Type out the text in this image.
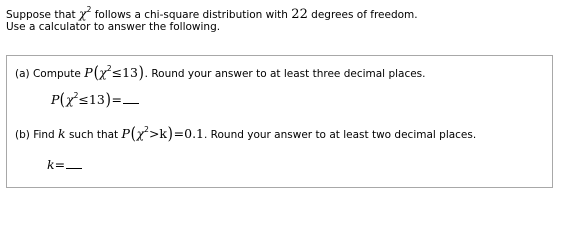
Suppose that $\chi^2$ follows a chi-square distribution with 22 degrees of freedom.
Use a calculator to answer the following.
(a) Compute $P(\chi^2\le 13)$. Round your answer to at least three decimal places.
$P(\chi^2\le 13)=$
(b) Find k such that $P(\chi^2>k)=0.1$. Round your answer to at least two decimal places.
k=
